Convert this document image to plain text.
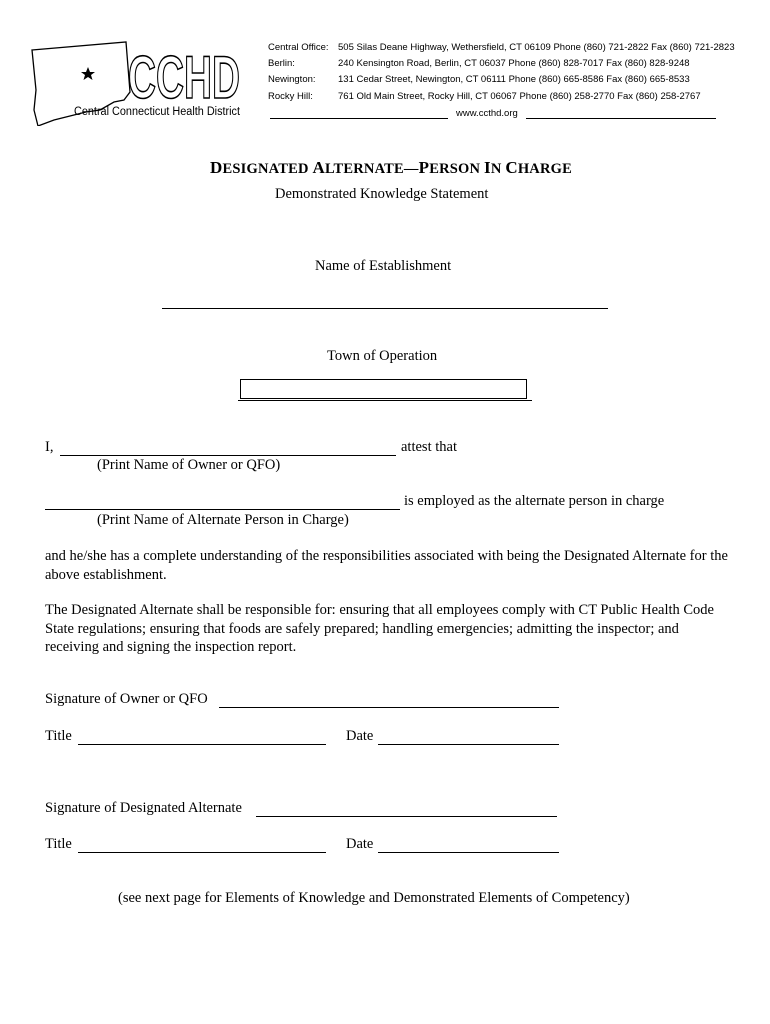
CCHD
Central Connecticut Health District
Central Office: 505 Silas Deane Highway, Wethersfield, CT 06109 Phone (860) 721-2822 Fax (860) 721-2823
Berlin:	240 Kensington Road, Berlin, CT 06037 Phone (860) 828-7017 Fax (860) 828-9248
Newington: 131 Cedar Street, Newington, CT 06111 Phone (860) 665-8586 Fax (860) 665-8533
Rocky Hill:	761 Old Main Street, Rocky Hill, CT 06067 Phone (860) 258-2770 Fax (860) 258-2767
www.ccthd.org
DESIGNATED ALTERNATE—PERSON IN CHARGE
Demonstrated Knowledge Statement
Name of Establishment
Town of Operation
I,	attest that
(Print Name of Owner or QFO)
is employed as the alternate person in charge
(Print Name of Alternate Person in Charge)
and he/she has a complete understanding of the responsibilities associated with being the Designated Alternate for the above establishment.
The Designated Alternate shall be responsible for: ensuring that all employees comply with CT Public Health Code State regulations; ensuring that foods are safely prepared; handling emergencies; admitting the inspector; and receiving and signing the inspection report.
Signature of Owner or QFO
Title	Date
Signature of Designated Alternate
Title	Date
(see next page for Elements of Knowledge and Demonstrated Elements of Competency)
